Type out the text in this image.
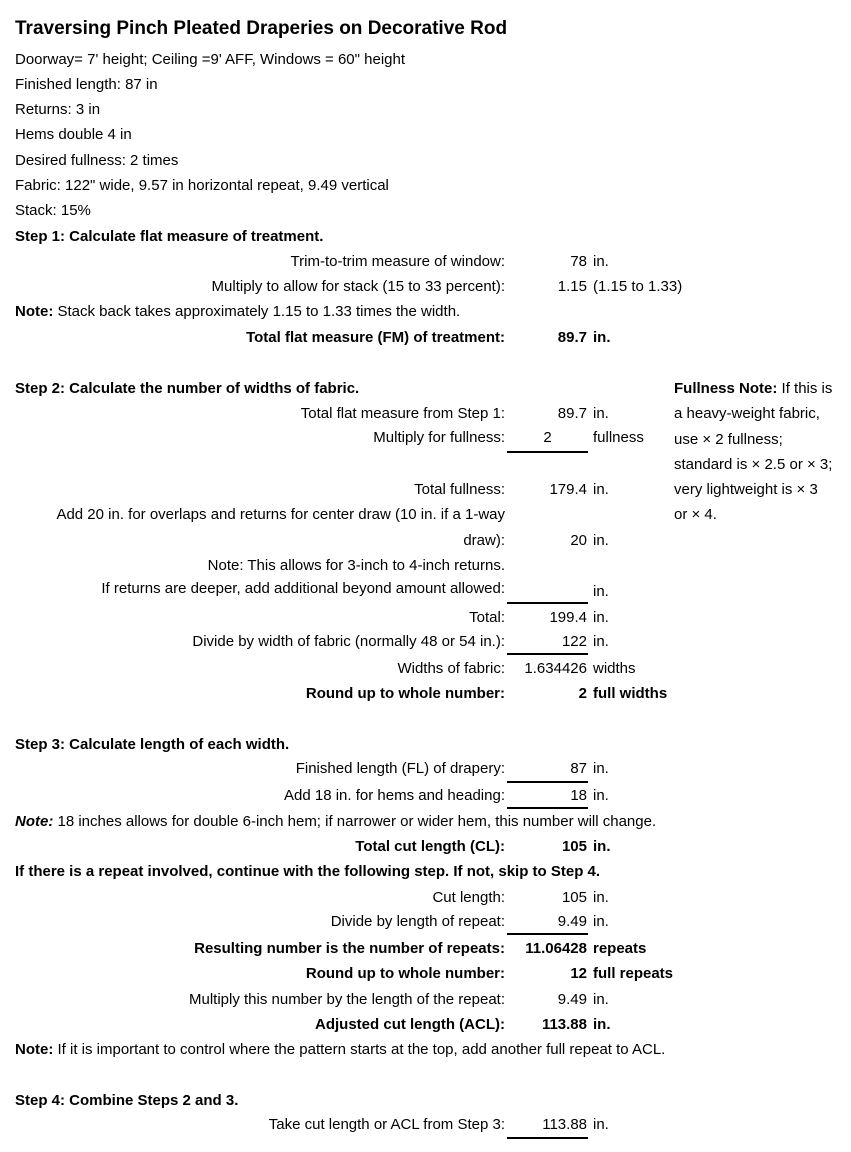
Traversing Pinch Pleated Draperies on Decorative Rod
Doorway= 7' height; Ceiling =9' AFF, Windows = 60" height
Finished length: 87 in
Returns: 3 in
Hems double 4 in
Desired fullness: 2 times
Fabric: 122" wide, 9.57 in horizontal repeat, 9.49 vertical
Stack: 15%
Step 1: Calculate flat measure of treatment.
Trim-to-trim measure of window:	78 in.
Multiply to allow for stack (15 to 33 percent):	1.15 (1.15 to 1.33)
Note: Stack back takes approximately 1.15 to 1.33 times the width.
Total flat measure (FM) of treatment:	89.7 in.
Step 2: Calculate the number of widths of fabric.
Total flat measure from Step 1:	89.7 in.
Multiply for fullness:	2	fullness
Total fullness:	179.4 in.
Add 20 in. for overlaps and returns for center draw (10 in. if a 1-way
draw):	20 in.
Note: This allows for 3-inch to 4-inch returns.
If returns are deeper, add additional beyond amount allowed:	in.
Total:	199.4 in.
Divide by width of fabric (normally 48 or 54 in.):	122 in.
Widths of fabric: 1.634426 widths
Round up to whole number:	2 full widths
Fullness Note: If this is a heavy-weight fabric, use × 2 fullness; standard is × 2.5 or × 3; very lightweight is × 3 or × 4.
Step 3: Calculate length of each width.
Finished length (FL) of drapery:	87 in.
Add 18 in. for hems and heading:	18 in.
Note: 18 inches allows for double 6-inch hem; if narrower or wider hem, this number will change.
Total cut length (CL):	105 in.
If there is a repeat involved, continue with the following step. If not, skip to Step 4.
Cut length:	105 in.
Divide by length of repeat:	9.49 in.
Resulting number is the number of repeats: 11.06428 repeats
Round up to whole number:	12 full repeats
Multiply this number by the length of the repeat:	9.49 in.
Adjusted cut length (ACL): 113.88 in.
Note: If it is important to control where the pattern starts at the top, add another full repeat to ACL.
Step 4: Combine Steps 2 and 3.
Take cut length or ACL from Step 3: 113.88 in.
